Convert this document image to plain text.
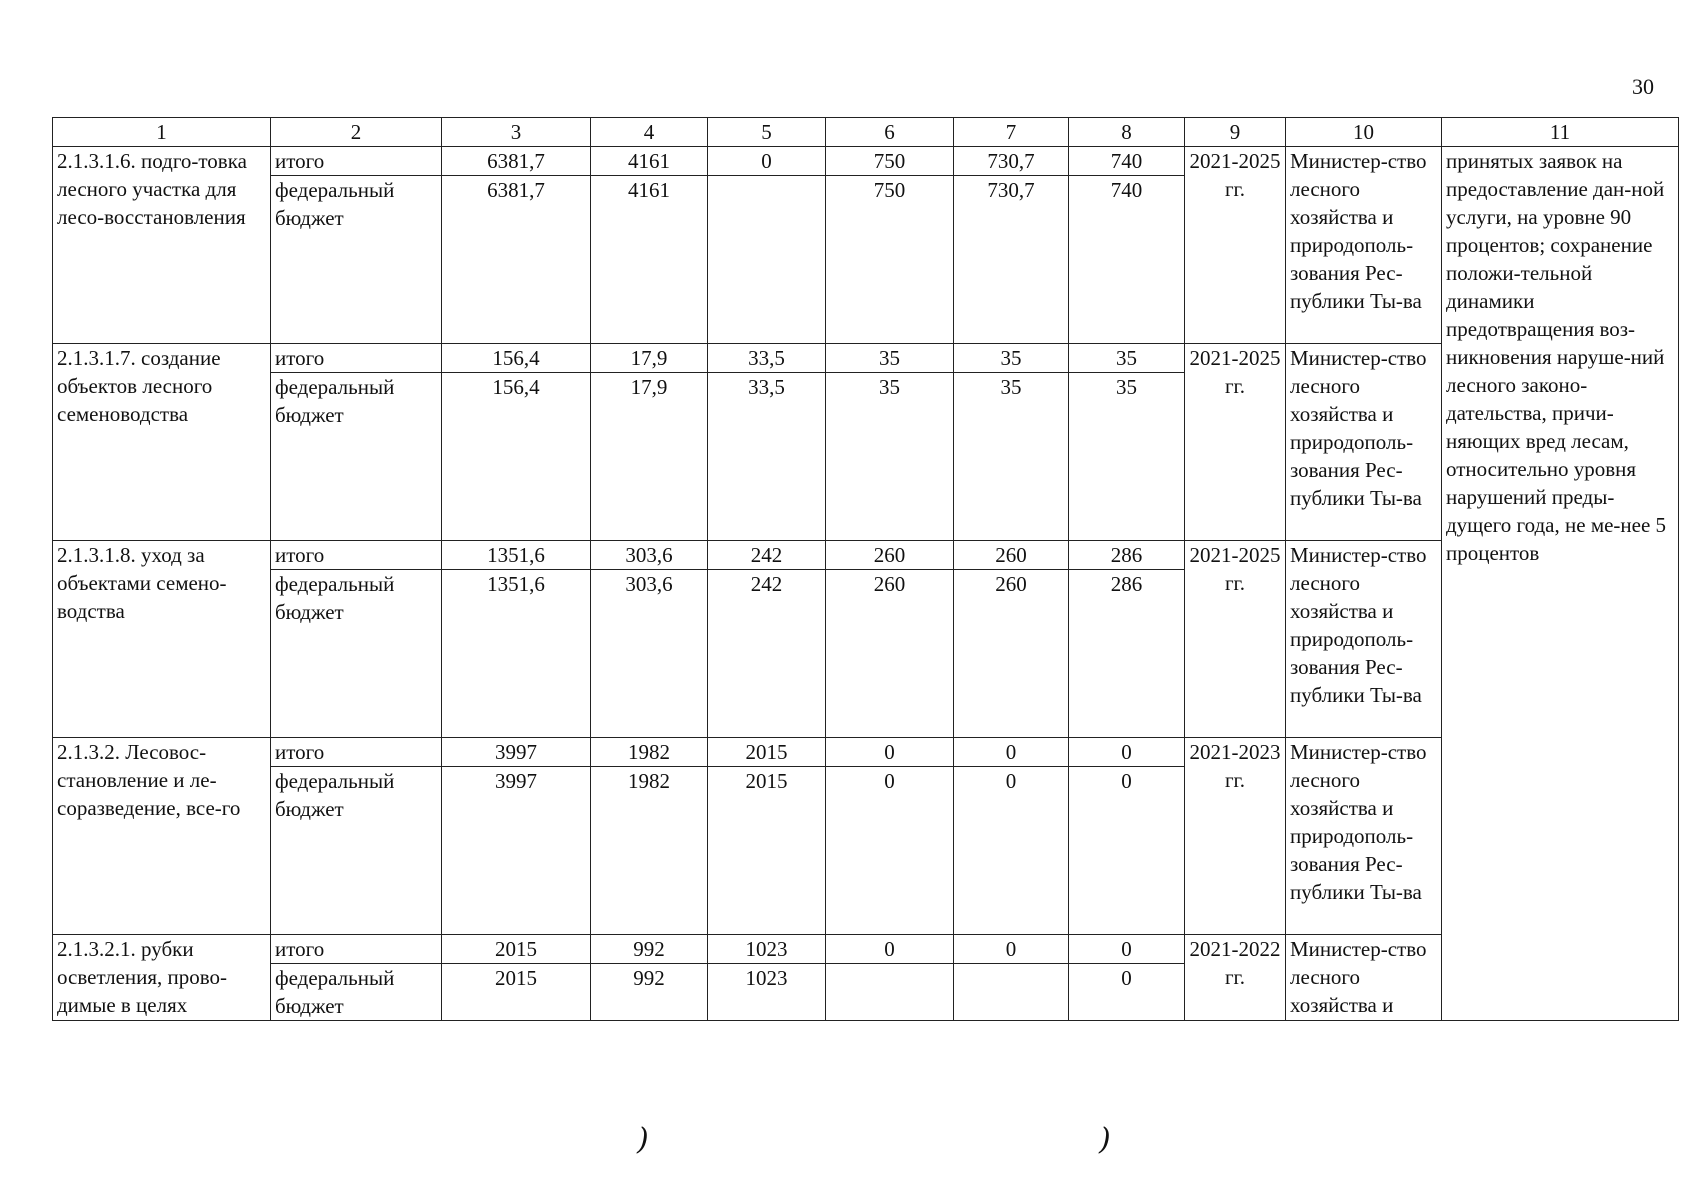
30
1	2	3	4	5	6	7	8	9	10	11
2.1.3.1.6. подго-товка лесного участка для лесо-восстановления	итого	6381,7	4161	0	750	730,7	740	2021-2025 гг.	Министер-ство лесного хозяйства и природополь-зования Рес-публики Ты-ва	принятых заявок на предоставление дан-ной услуги, на уровне 90 процентов; сохранение положи-тельной динамики предотвращения воз-никновения наруше-ний лесного законо-дательства, причи-няющих вред лесам, относительно уровня нарушений преды-дущего года, не ме-нее 5 процентов
	федеральный бюджет	6381,7	4161		750	730,7	740			
2.1.3.1.7. создание объектов лесного семеноводства	итого	156,4	17,9	33,5	35	35	35	2021-2025 гг.	Министер-ство лесного хозяйства и природополь-зования Рес-публики Ты-ва	
	федеральный бюджет	156,4	17,9	33,5	35	35	35			
2.1.3.1.8. уход за объектами семено-водства	итого	1351,6	303,6	242	260	260	286	2021-2025 гг.	Министер-ство лесного хозяйства и природополь-зования Рес-публики Ты-ва	
	федеральный бюджет	1351,6	303,6	242	260	260	286			
2.1.3.2. Лесовос-становление и ле-соразведение, все-го	итого	3997	1982	2015	0	0	0	2021-2023 гг.	Министер-ство лесного хозяйства и природополь-зования Рес-публики Ты-ва	
	федеральный бюджет	3997	1982	2015	0	0	0			
2.1.3.2.1. рубки осветления, прово-димые в целях	итого	2015	992	1023	0	0	0	2021-2022 гг.	Министер-ство лесного хозяйства и	
	федеральный бюджет	2015	992	1023			0			
)	)
